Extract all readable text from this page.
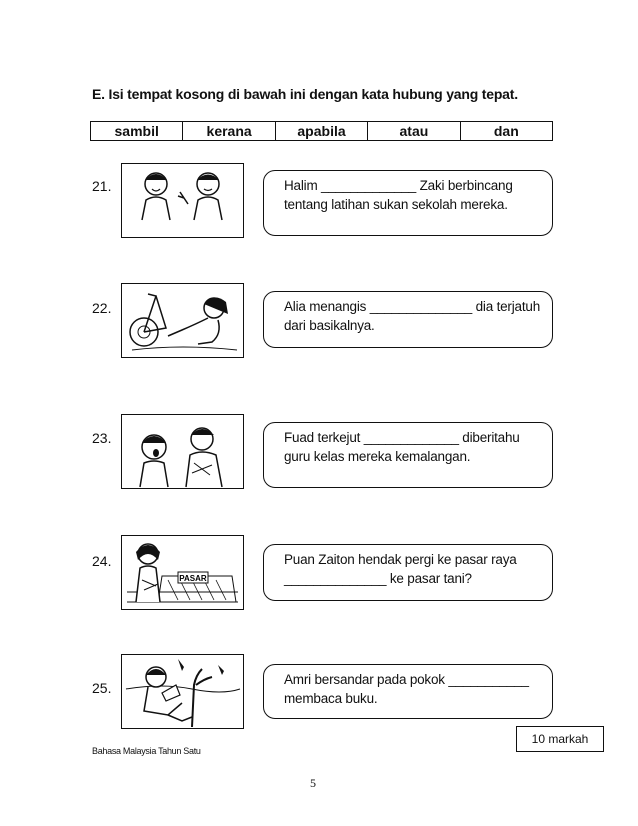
E. Isi tempat kosong di bawah ini dengan kata hubung yang tepat.
sambil	kerana	apabila	atau	dan
21.	Halim _____________ Zaki berbincang tentang latihan sukan sekolah mereka.
22.	Alia menangis ______________ dia terjatuh dari basikalnya.
23.	Fuad terkejut _____________ diberitahu guru kelas mereka kemalangan.
24.
PASAR
Puan Zaiton hendak pergi ke pasar raya ______________ ke pasar tani?
25.
Amri bersandar pada pokok ___________ membaca buku.
10 markah
Bahasa Malaysia Tahun Satu
5
